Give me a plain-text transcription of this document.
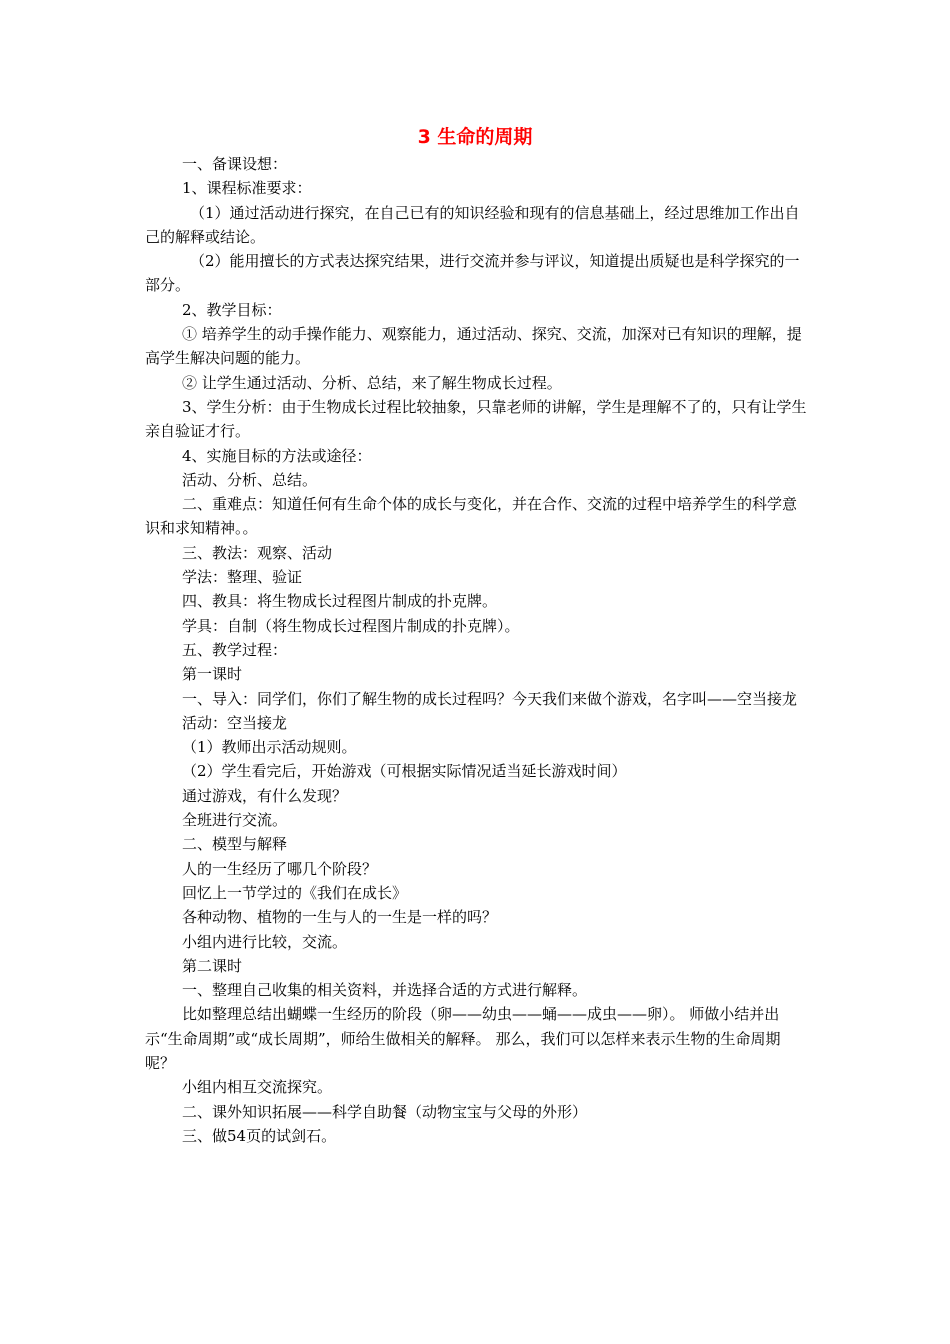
3 生命的周期

一、备课设想：

1、课程标准要求：

（1）通过活动进行探究，在自己已有的知识经验和现有的信息基础上，经过思维加工作出自己的解释或结论。

（2）能用擅长的方式表达探究结果，进行交流并参与评议，知道提出质疑也是科学探究的一部分。

2、教学目标：

① 培养学生的动手操作能力、观察能力，通过活动、探究、交流，加深对已有知识的理解，提高学生解决问题的能力。

② 让学生通过活动、分析、总结，来了解生物成长过程。

3、学生分析：由于生物成长过程比较抽象，只靠老师的讲解，学生是理解不了的，只有让学生亲自验证才行。

4、实施目标的方法或途径：

活动、分析、总结。

二、重难点：知道任何有生命个体的成长与变化，并在合作、交流的过程中培养学生的科学意识和求知精神。。

三、教法：观察、活动

学法：整理、验证

四、教具：将生物成长过程图片制成的扑克牌。

学具：自制（将生物成长过程图片制成的扑克牌）。

五、教学过程：

第一课时

一、导入：同学们，你们了解生物的成长过程吗？今天我们来做个游戏，名字叫——空当接龙

活动：空当接龙

（1）教师出示活动规则。

（2）学生看完后，开始游戏（可根据实际情况适当延长游戏时间）

通过游戏，有什么发现？

全班进行交流。

二、模型与解释

人的一生经历了哪几个阶段？

回忆上一节学过的《我们在成长》

各种动物、植物的一生与人的一生是一样的吗？

小组内进行比较，交流。

第二课时

一、整理自己收集的相关资料，并选择合适的方式进行解释。

比如整理总结出蝴蝶一生经历的阶段（卵——幼虫——蛹——成虫——卵）。 师做小结并出示“生命周期”或“成长周期”，师给生做相关的解释。 那么，我们可以怎样来表示生物的生命周期呢？

小组内相互交流探究。

二、课外知识拓展——科学自助餐（动物宝宝与父母的外形）

三、做54页的试剑石。
